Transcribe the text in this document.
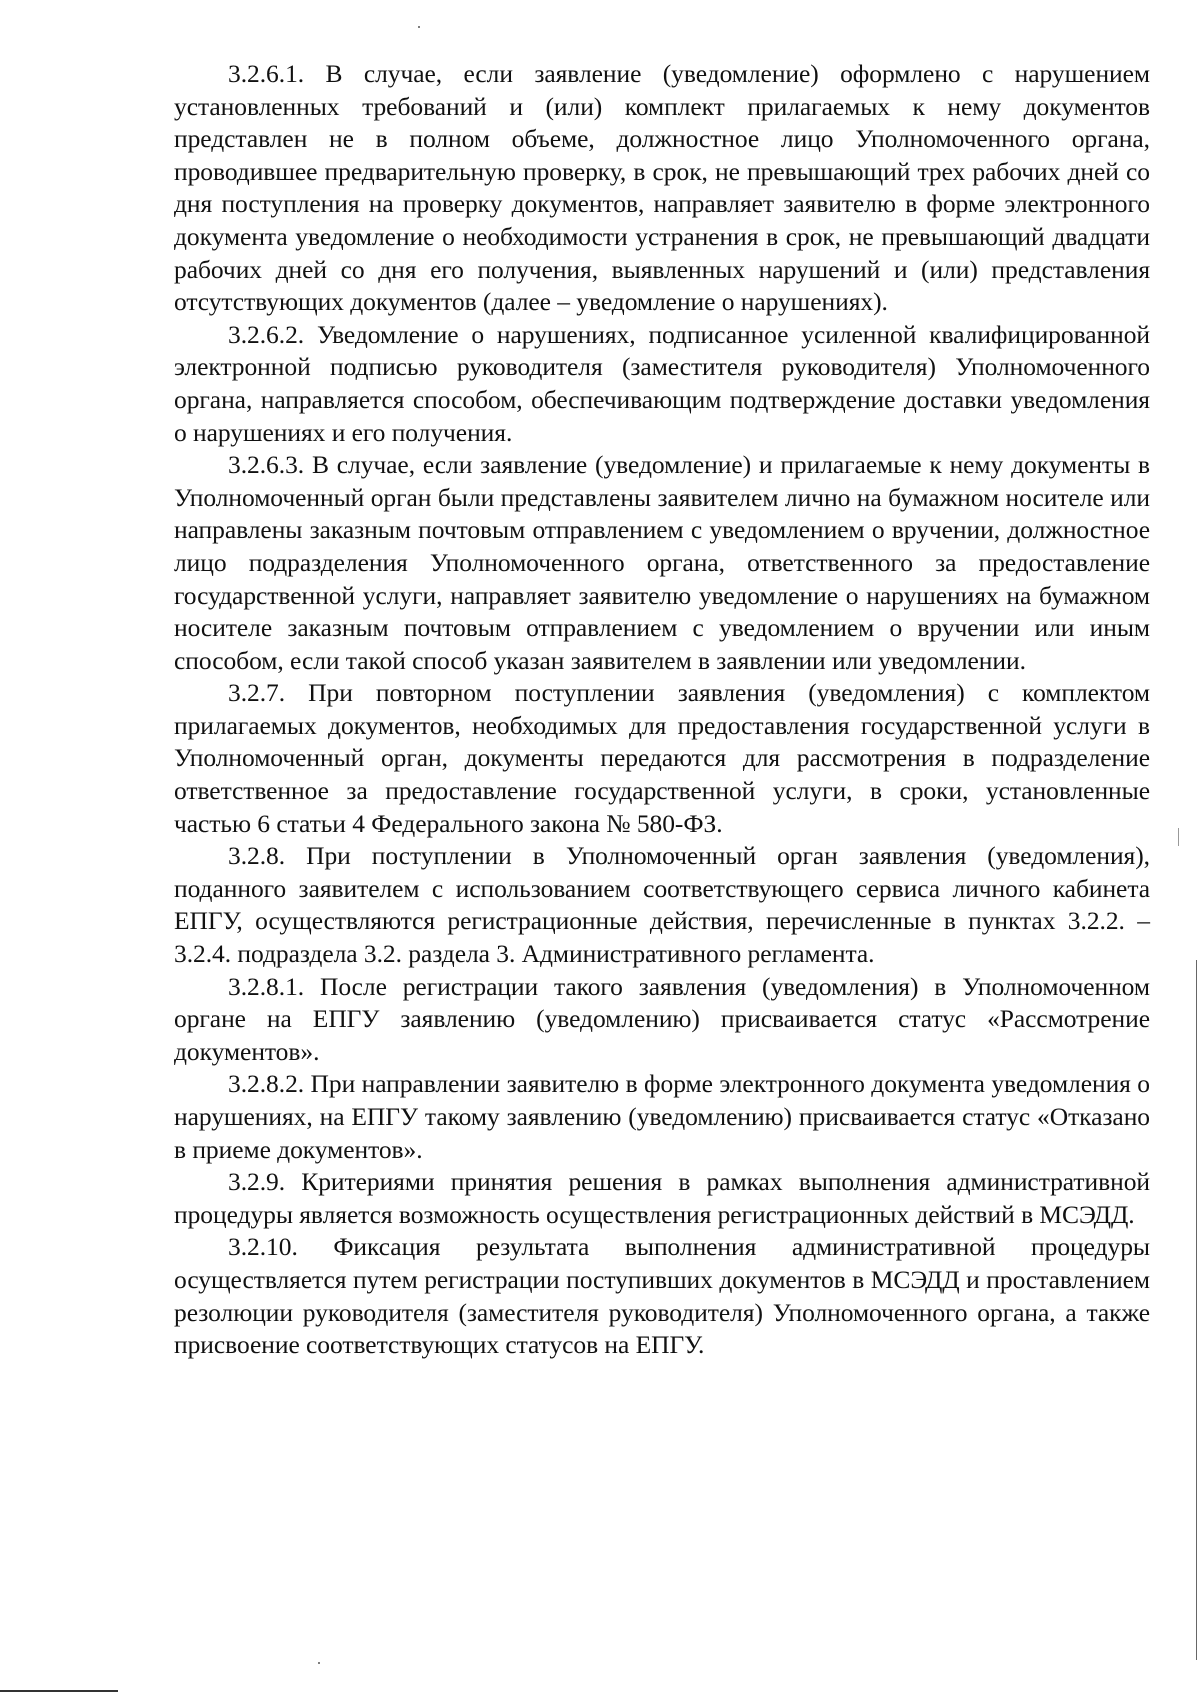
3.2.6.1. В случае, если заявление (уведомление) оформлено с нарушением установленных требований и (или) комплект прилагаемых к нему документов представлен не в полном объеме, должностное лицо Уполномоченного органа, проводившее предварительную проверку, в срок, не превышающий трех рабочих дней со дня поступления на проверку документов, направляет заявителю в форме электронного документа уведомление о необходимости устранения в срок, не превышающий двадцати рабочих дней со дня его получения, выявленных нарушений и (или) представления отсутствующих документов (далее – уведомление о нарушениях).

3.2.6.2. Уведомление о нарушениях, подписанное усиленной квалифицированной электронной подписью руководителя (заместителя руководителя) Уполномоченного органа, направляется способом, обеспечивающим подтверждение доставки уведомления о нарушениях и его получения.

3.2.6.3. В случае, если заявление (уведомление) и прилагаемые к нему документы в Уполномоченный орган были представлены заявителем лично на бумажном носителе или направлены заказным почтовым отправлением с уведомлением о вручении, должностное лицо подразделения Уполномоченного органа, ответственного за предоставление государственной услуги, направляет заявителю уведомление о нарушениях на бумажном носителе заказным почтовым отправлением с уведомлением о вручении или иным способом, если такой способ указан заявителем в заявлении или уведомлении.

3.2.7. При повторном поступлении заявления (уведомления) с комплектом прилагаемых документов, необходимых для предоставления государственной услуги в Уполномоченный орган, документы передаются для рассмотрения в подразделение ответственное за предоставление государственной услуги, в сроки, установленные частью 6 статьи 4 Федерального закона № 580-ФЗ.

3.2.8. При поступлении в Уполномоченный орган заявления (уведомления), поданного заявителем с использованием соответствующего сервиса личного кабинета ЕПГУ, осуществляются регистрационные действия, перечисленные в пунктах 3.2.2. – 3.2.4. подраздела 3.2. раздела 3. Административного регламента.

3.2.8.1. После регистрации такого заявления (уведомления) в Уполномоченном органе на ЕПГУ заявлению (уведомлению) присваивается статус «Рассмотрение документов».

3.2.8.2. При направлении заявителю в форме электронного документа уведомления о нарушениях, на ЕПГУ такому заявлению (уведомлению) присваивается статус «Отказано в приеме документов».

3.2.9. Критериями принятия решения в рамках выполнения административной процедуры является возможность осуществления регистрационных действий в МСЭДД.

3.2.10. Фиксация результата выполнения административной процедуры осуществляется путем регистрации поступивших документов в МСЭДД и проставлением резолюции руководителя (заместителя руководителя) Уполномоченного органа, а также присвоение соответствующих статусов на ЕПГУ.
